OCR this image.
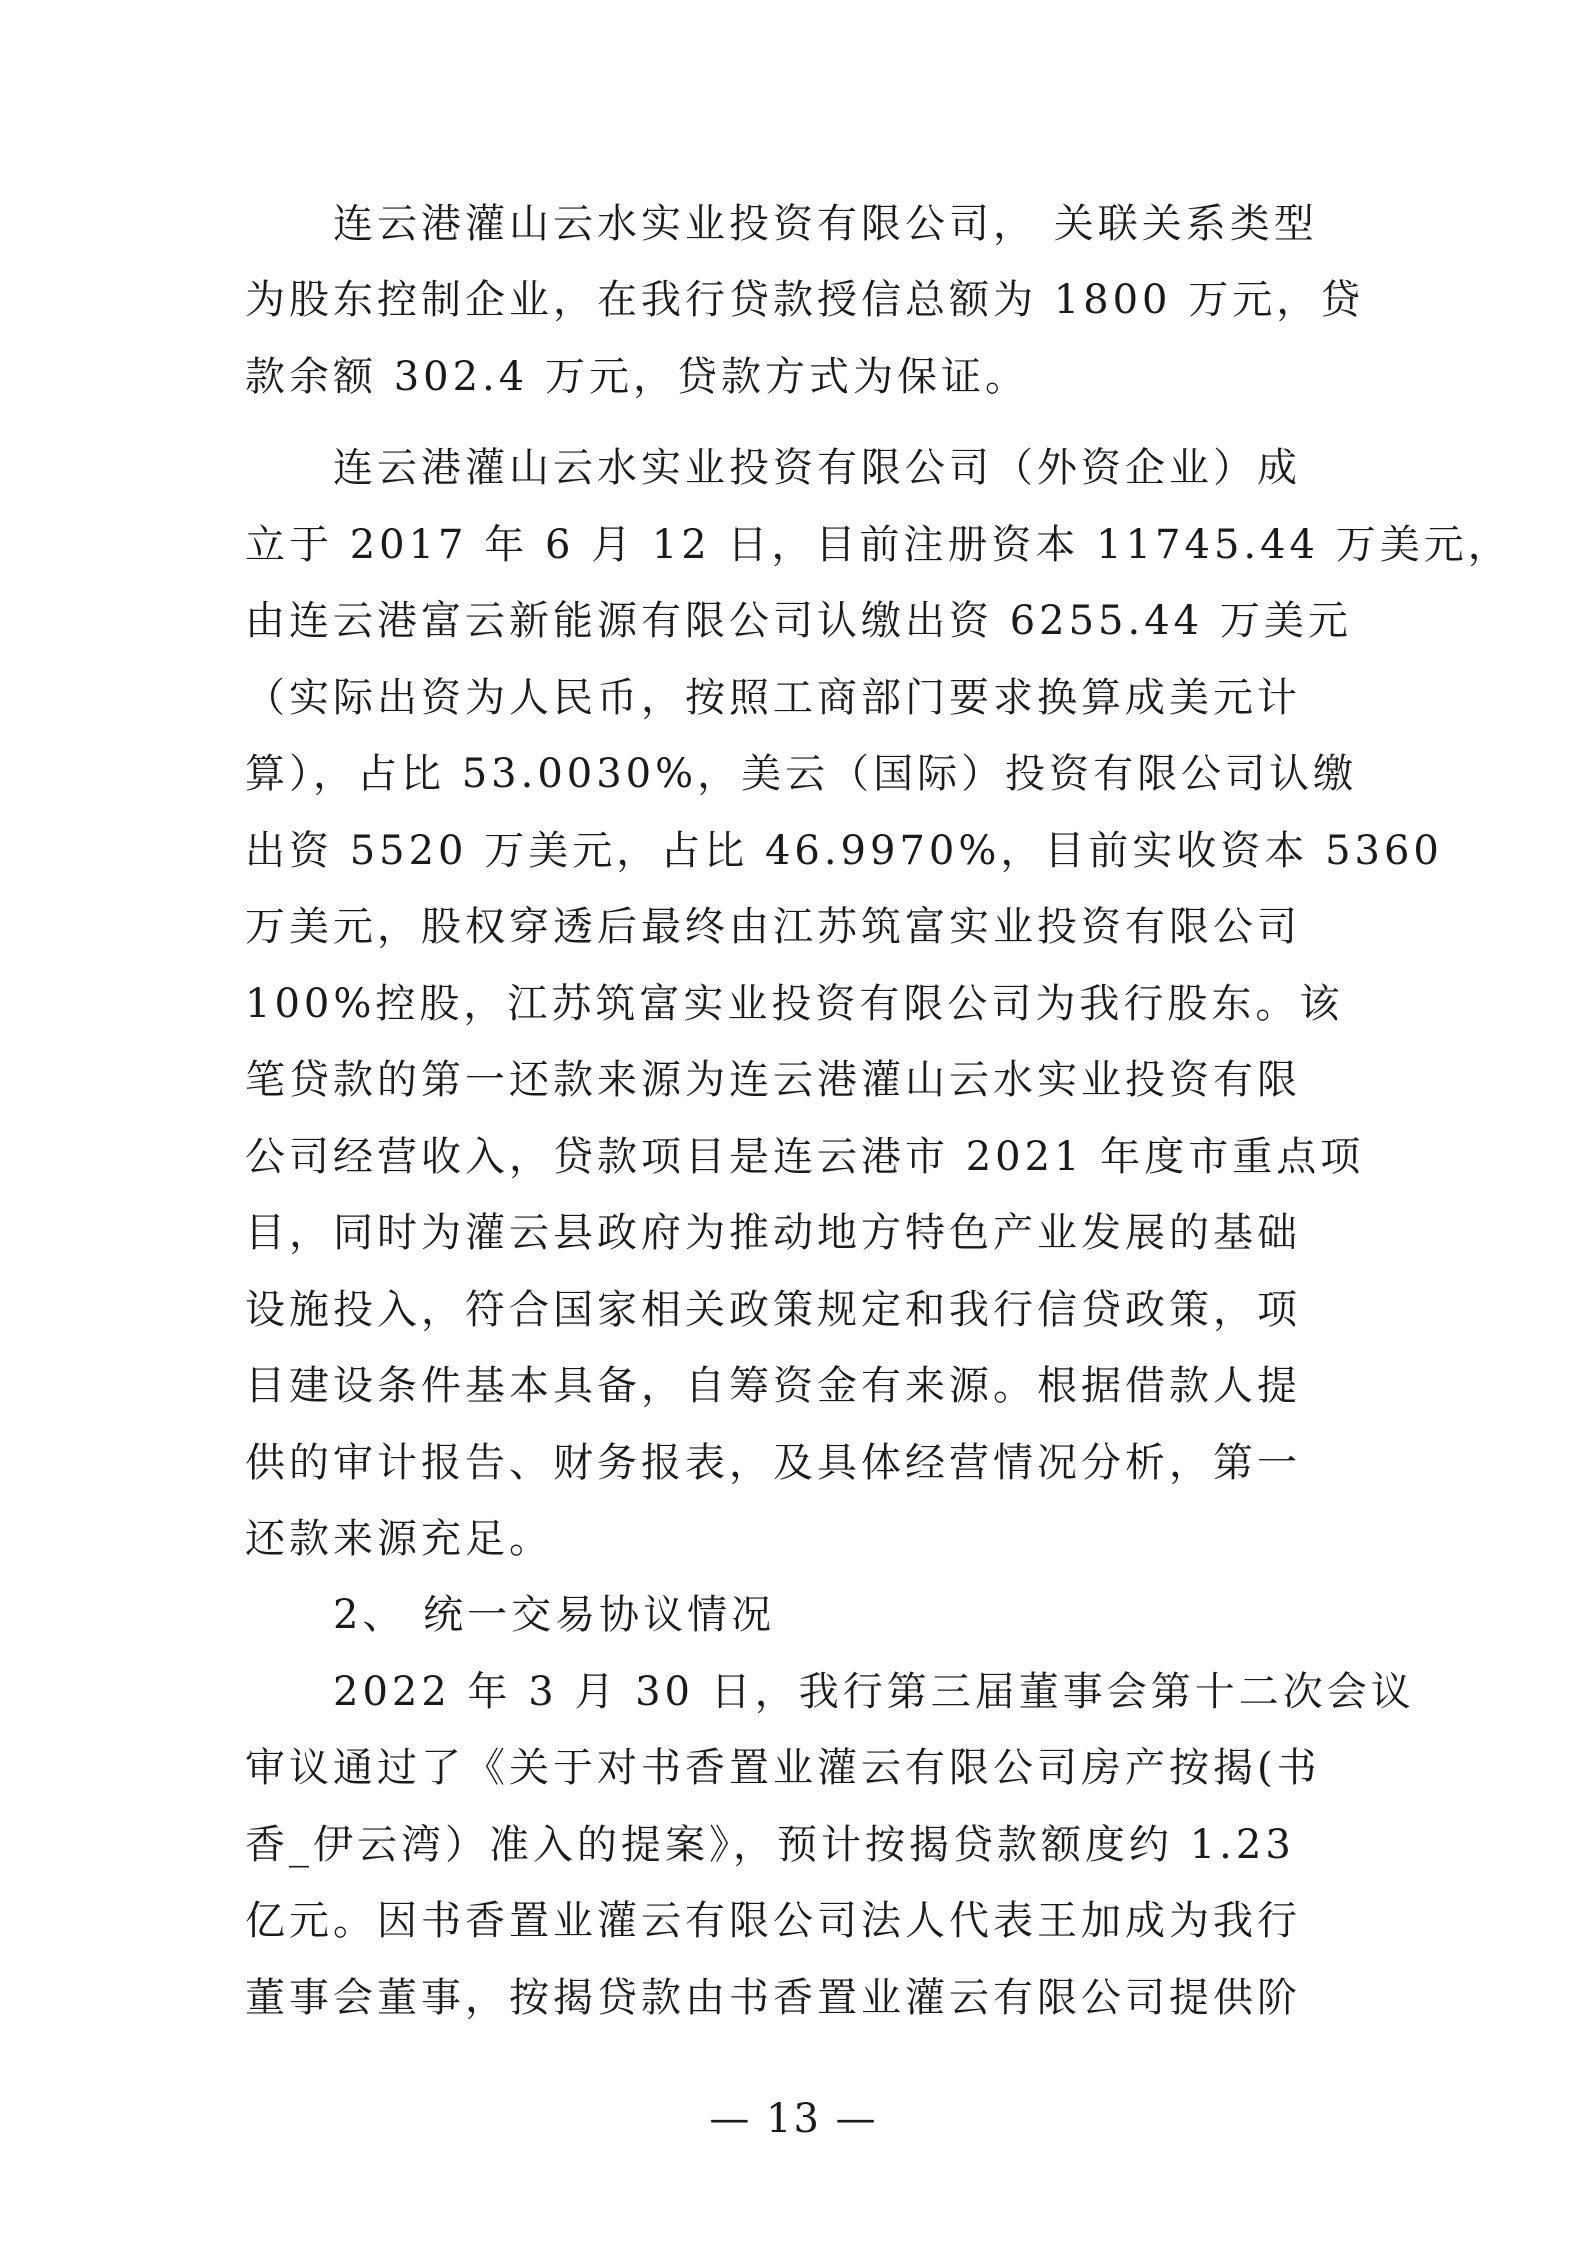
　　连云港灌山云水实业投资有限公司， 关联关系类型
为股东控制企业，在我行贷款授信总额为 1800 万元，贷
款余额 302.4 万元，贷款方式为保证。
　　连云港灌山云水实业投资有限公司（外资企业）成
立于 2017 年 6 月 12 日，目前注册资本 11745.44 万美元，
由连云港富云新能源有限公司认缴出资 6255.44 万美元
（实际出资为人民币，按照工商部门要求换算成美元计
算），占比 53.0030%，美云（国际）投资有限公司认缴
出资 5520 万美元，占比 46.9970%，目前实收资本 5360
万美元，股权穿透后最终由江苏筑富实业投资有限公司
100%控股，江苏筑富实业投资有限公司为我行股东。该
笔贷款的第一还款来源为连云港灌山云水实业投资有限
公司经营收入，贷款项目是连云港市 2021 年度市重点项
目，同时为灌云县政府为推动地方特色产业发展的基础
设施投入，符合国家相关政策规定和我行信贷政策，项
目建设条件基本具备，自筹资金有来源。根据借款人提
供的审计报告、财务报表，及具体经营情况分析，第一
还款来源充足。
　　2、 统一交易协议情况
　　2022 年 3 月 30 日，我行第三届董事会第十二次会议
审议通过了《关于对书香置业灌云有限公司房产按揭(书
香_伊云湾）准入的提案》，预计按揭贷款额度约 1.23
亿元。因书香置业灌云有限公司法人代表王加成为我行
董事会董事，按揭贷款由书香置业灌云有限公司提供阶
— 13 —
